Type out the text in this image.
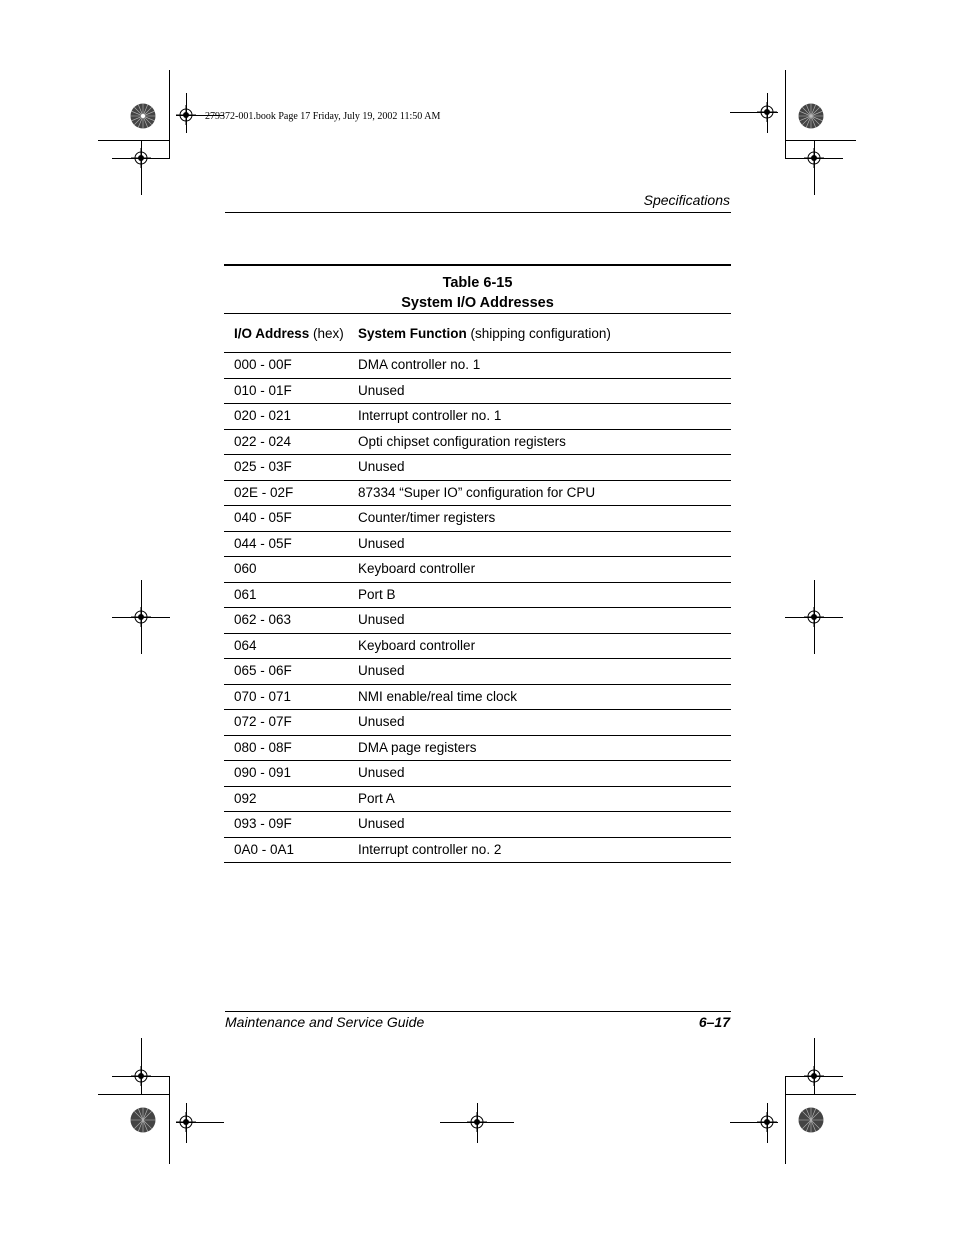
279372-001.book Page 17 Friday, July 19, 2002 11:50 AM
Specifications
Table 6-15
System I/O Addresses
I/O Address (hex)	System Function (shipping configuration)
000 - 00F	DMA controller no. 1
010 - 01F	Unused
020 - 021	Interrupt controller no. 1
022 - 024	Opti chipset configuration registers
025 - 03F	Unused
02E - 02F	87334 “Super IO” configuration for CPU
040 - 05F	Counter/timer registers
044 - 05F	Unused
060	Keyboard controller
061	Port B
062 - 063	Unused
064	Keyboard controller
065 - 06F	Unused
070 - 071	NMI enable/real time clock
072 - 07F	Unused
080 - 08F	DMA page registers
090 - 091	Unused
092	Port A
093 - 09F	Unused
0A0 - 0A1	Interrupt controller no. 2
Maintenance and Service Guide	6–17
